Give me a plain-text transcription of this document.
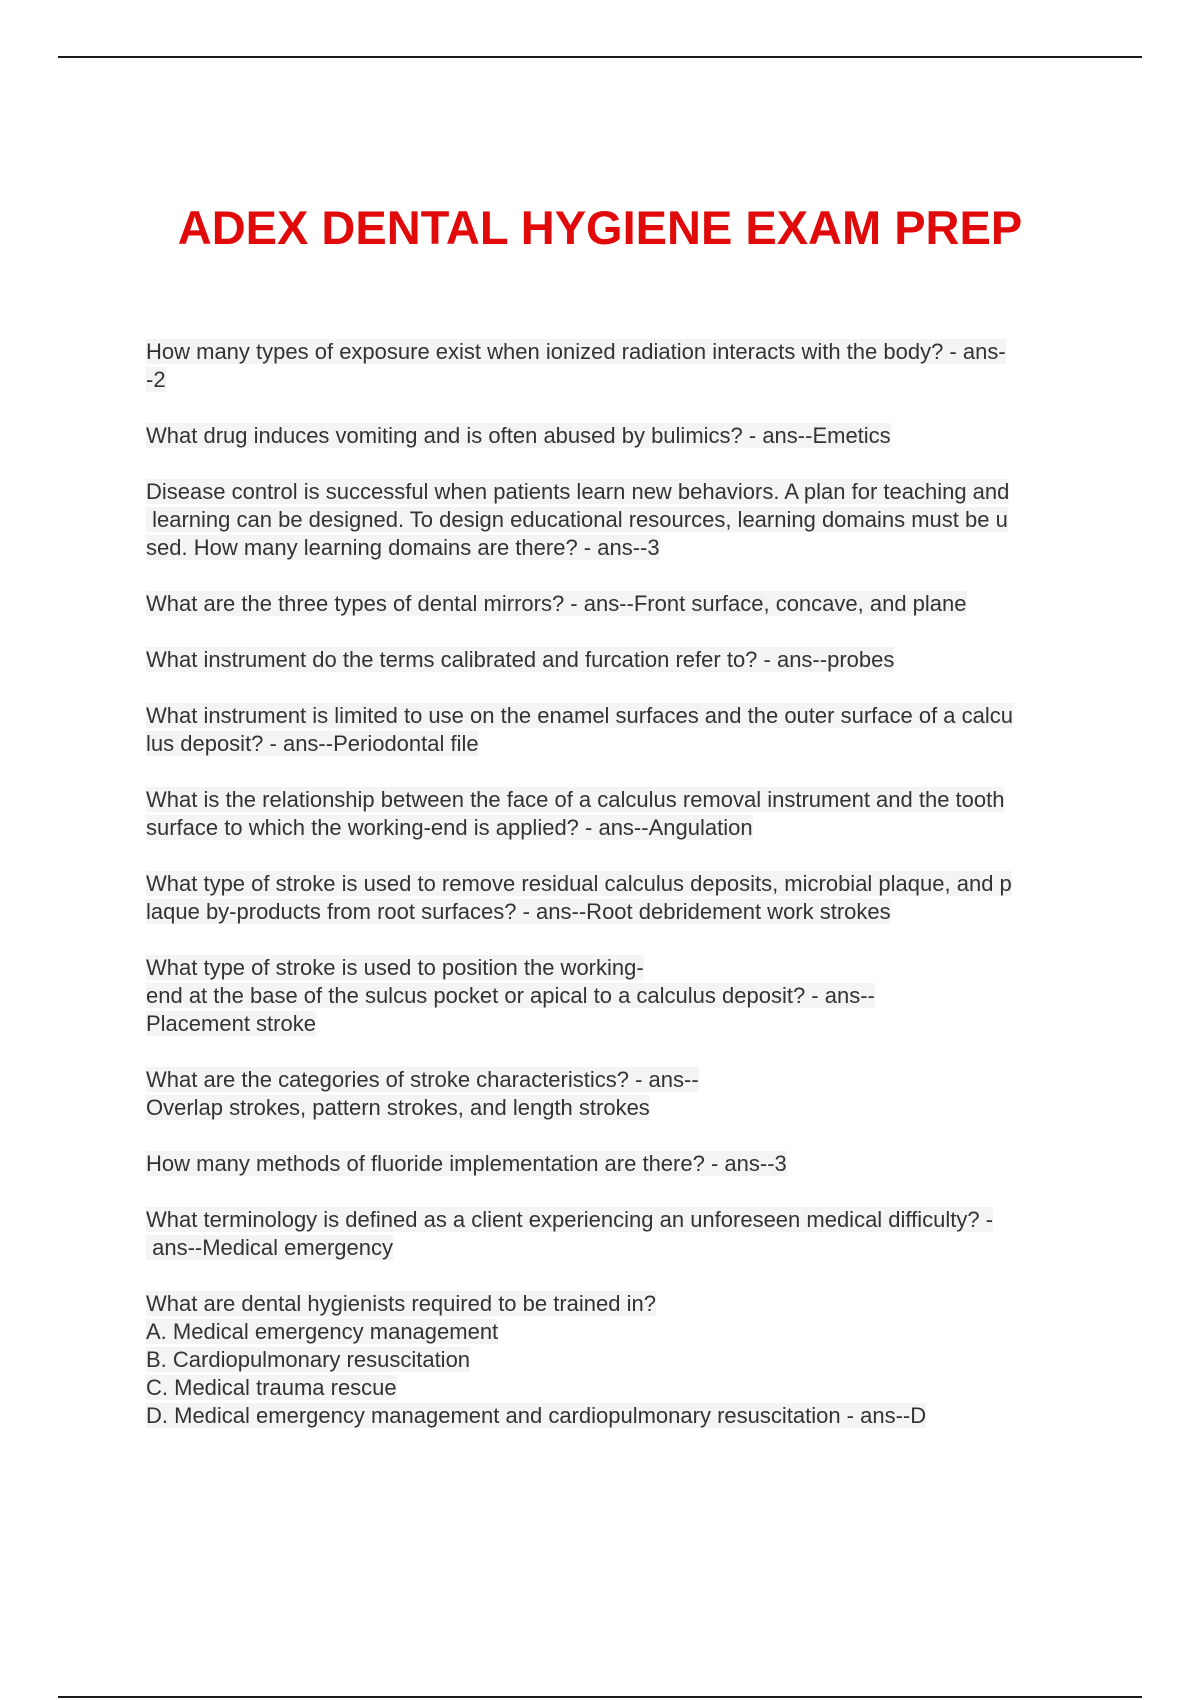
ADEX DENTAL HYGIENE EXAM PREP
How many types of exposure exist when ionized radiation interacts with the body? - ans-
-2
What drug induces vomiting and is often abused by bulimics? - ans--Emetics
Disease control is successful when patients learn new behaviors. A plan for teaching and
learning can be designed. To design educational resources, learning domains must be u
sed. How many learning domains are there? - ans--3
What are the three types of dental mirrors? - ans--Front surface, concave, and plane
What instrument do the terms calibrated and furcation refer to? - ans--probes
What instrument is limited to use on the enamel surfaces and the outer surface of a calcu
lus deposit? - ans--Periodontal file
What is the relationship between the face of a calculus removal instrument and the tooth
surface to which the working-end is applied? - ans--Angulation
What type of stroke is used to remove residual calculus deposits, microbial plaque, and p
laque by-products from root surfaces? - ans--Root debridement work strokes
What type of stroke is used to position the working-
end at the base of the sulcus pocket or apical to a calculus deposit? - ans--
Placement stroke
What are the categories of stroke characteristics? - ans--
Overlap strokes, pattern strokes, and length strokes
How many methods of fluoride implementation are there? - ans--3
What terminology is defined as a client experiencing an unforeseen medical difficulty? -
ans--Medical emergency
What are dental hygienists required to be trained in?
A. Medical emergency management
B. Cardiopulmonary resuscitation
C. Medical trauma rescue
D. Medical emergency management and cardiopulmonary resuscitation - ans--D
